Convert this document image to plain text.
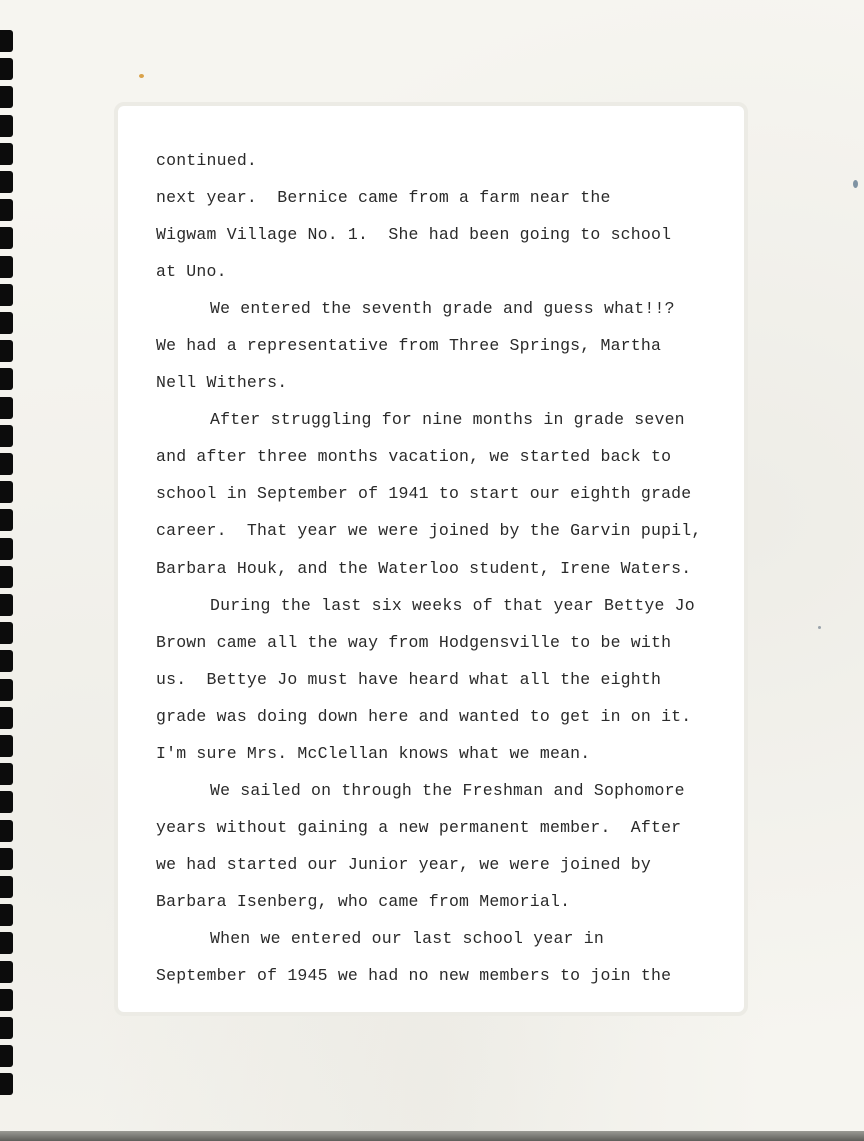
continued.
next year.  Bernice came from a farm near the
Wigwam Village No. 1.  She had been going to school
at Uno.
We entered the seventh grade and guess what!!?
We had a representative from Three Springs, Martha
Nell Withers.
After struggling for nine months in grade seven
and after three months vacation, we started back to
school in September of 1941 to start our eighth grade
career.  That year we were joined by the Garvin pupil,
Barbara Houk, and the Waterloo student, Irene Waters.
During the last six weeks of that year Bettye Jo
Brown came all the way from Hodgensville to be with
us.  Bettye Jo must have heard what all the eighth
grade was doing down here and wanted to get in on it.
I'm sure Mrs. McClellan knows what we mean.
We sailed on through the Freshman and Sophomore
years without gaining a new permanent member.  After
we had started our Junior year, we were joined by
Barbara Isenberg, who came from Memorial.
When we entered our last school year in
September of 1945 we had no new members to join the
